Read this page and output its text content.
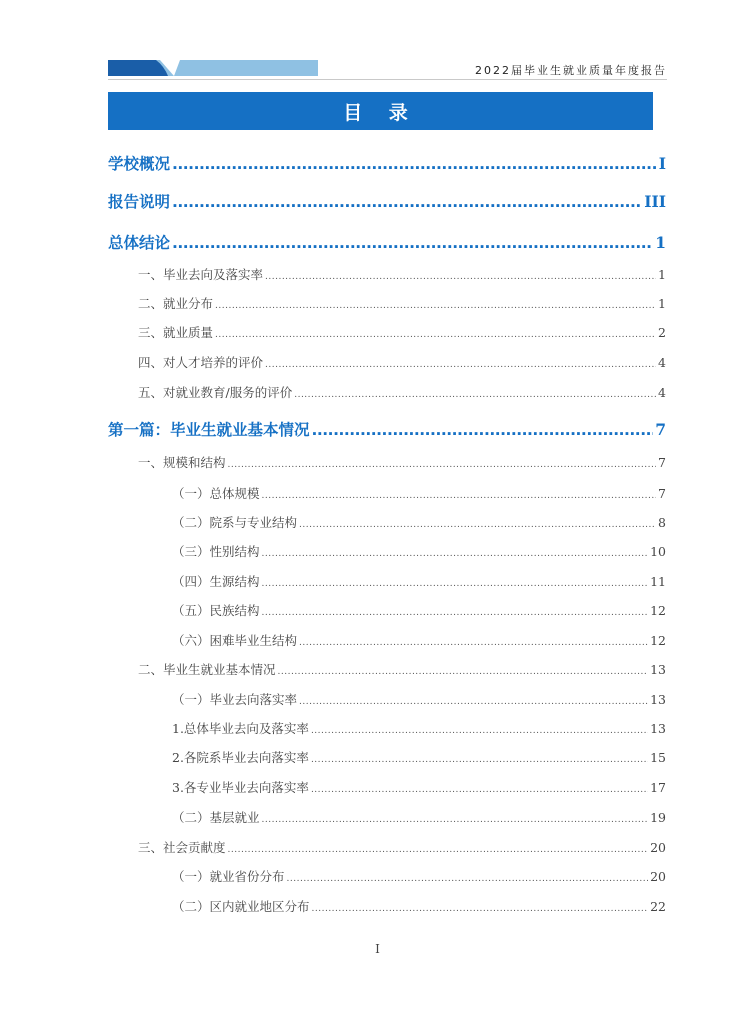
2022届毕业生就业质量年度报告
目 录
学校概况 .....	I
报告说明 .....	III
总体结论 .....	1
一、毕业去向及落实率 .....	1
二、就业分布 .....	1
三、就业质量 .....	2
四、对人才培养的评价 .....	4
五、对就业教育/服务的评价 .....	4
第一篇：毕业生就业基本情况 .....	7
一、规模和结构 .....	7
（一）总体规模 .....	7
（二）院系与专业结构 .....	8
（三）性别结构 .....	10
（四）生源结构 .....	11
（五）民族结构 .....	12
（六）困难毕业生结构 .....	12
二、毕业生就业基本情况 .....	13
（一）毕业去向落实率 .....	13
1.总体毕业去向及落实率 .....	13
2.各院系毕业去向落实率 .....	15
3.各专业毕业去向落实率 .....	17
（二）基层就业 .....	19
三、社会贡献度 .....	20
（一）就业省份分布 .....	20
（二）区内就业地区分布 .....	22
I
